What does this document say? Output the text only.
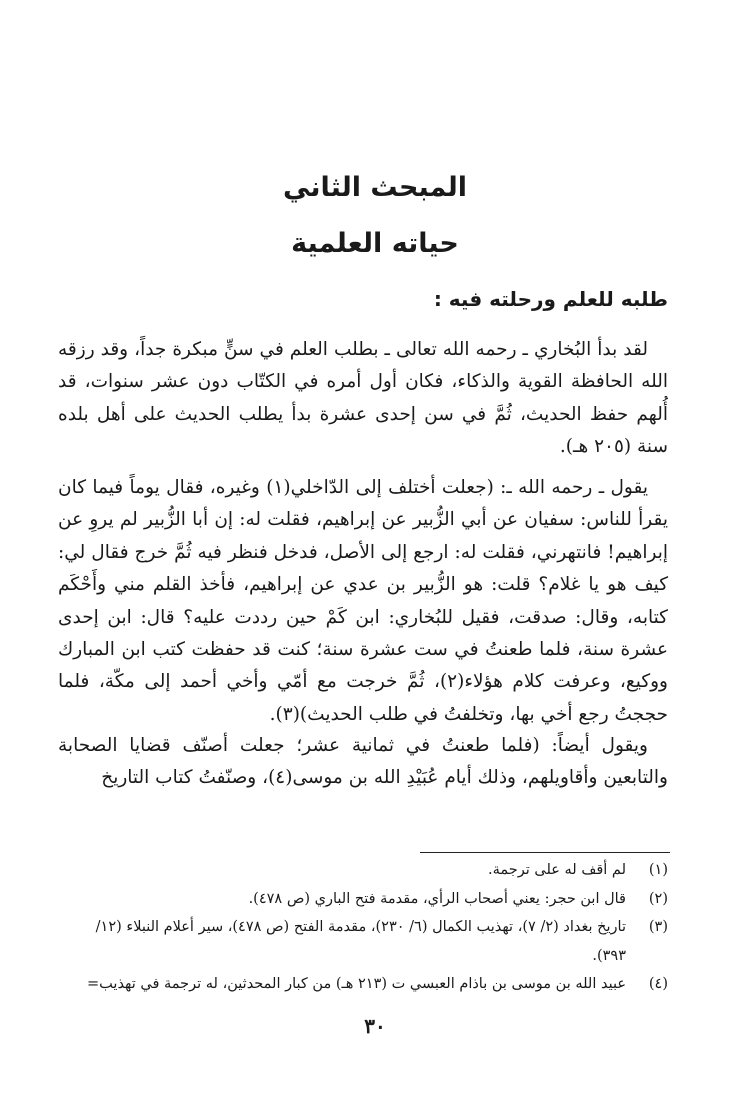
المبحث الثاني
حياته العلمية
طلبه للعلم ورحلته فيه :

لقد بدأ البُخاري ـ رحمه الله تعالى ـ بطلب العلم في سنٍّ مبكرة جداً، وقد رزقه الله الحافظة القوية والذكاء، فكان أول أمره في الكتّاب دون عشر سنوات، قد أُلهم حفظ الحديث، ثُمَّ في سن إحدى عشرة بدأ يطلب الحديث على أهل بلده سنة (٢٠٥ هـ).

يقول ـ رحمه الله ـ: (جعلت أختلف إلى الدّاخلي(١) وغيره، فقال يوماً فيما كان يقرأ للناس: سفيان عن أبي الزُّبير عن إبراهيم، فقلت له: إن أبا الزُّبير لم يروِ عن إبراهيم! فانتهرني، فقلت له: ارجع إلى الأصل، فدخل فنظر فيه ثُمَّ خرج فقال لي: كيف هو يا غلام؟ قلت: هو الزُّبير بن عدي عن إبراهيم، فأخذ القلم مني وأَحْكَم كتابه، وقال: صدقت، فقيل للبُخاري: ابن كَمْ حين رددت عليه؟ قال: ابن إحدى عشرة سنة، فلما طعنتُ في ست عشرة سنة؛ كنت قد حفظت كتب ابن المبارك ووكيع، وعرفت كلام هؤلاء(٢)، ثُمَّ خرجت مع أمّي وأخي أحمد إلى مكّة، فلما حججتُ رجع أخي بها، وتخلفتُ في طلب الحديث)(٣).

ويقول أيضاً: (فلما طعنتُ في ثمانية عشر؛ جعلت أصنّف قضايا الصحابة والتابعين وأقاويلهم، وذلك أيام عُبَيْدِ الله بن موسى(٤)، وصنّفتُ كتاب التاريخ

(١)
لم أقف له على ترجمة.
(٢)
قال ابن حجر: يعني أصحاب الرأي، مقدمة فتح الباري (ص ٤٧٨).
(٣)
تاريخ بغداد (٢/ ٧)، تهذيب الكمال (٦/ ٢٣٠)، مقدمة الفتح (ص ٤٧٨)، سير أعلام النبلاء (١٢/ ٣٩٣).
(٤)
عبيد الله بن موسى بن باذام العبسي ت (٢١٣ هـ) من كبار المحدثين، له ترجمة في تهذيب=
٣٠
